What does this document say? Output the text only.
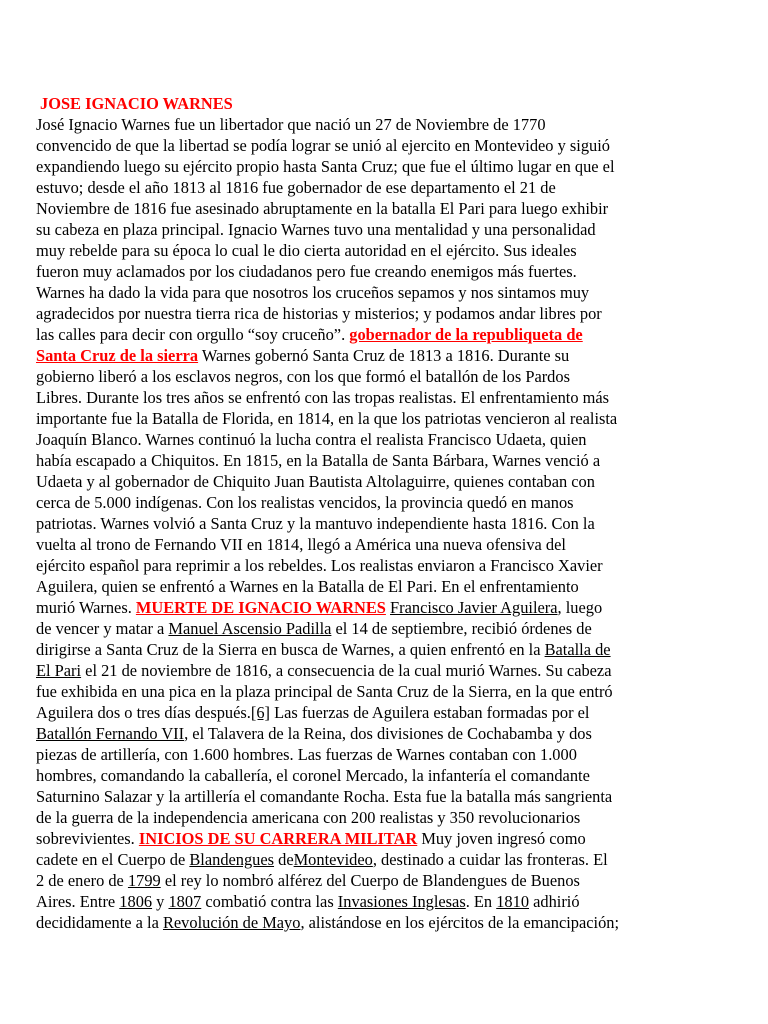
JOSE IGNACIO WARNES
José Ignacio Warnes fue un libertador que nació un 27 de Noviembre de 1770
convencido de que la libertad se podía lograr se unió al ejercito en Montevideo y siguió
expandiendo luego su ejército propio hasta Santa Cruz; que fue el último lugar en que el
estuvo; desde el año 1813 al 1816 fue gobernador de ese departamento el 21 de
Noviembre de 1816 fue asesinado abruptamente en la batalla El Pari para luego exhibir
su cabeza en plaza principal. Ignacio Warnes tuvo una mentalidad y una personalidad
muy rebelde para su época lo cual le dio cierta autoridad en el ejército. Sus ideales
fueron muy aclamados por los ciudadanos pero fue creando enemigos más fuertes.
Warnes ha dado la vida para que nosotros los cruceños sepamos y nos sintamos muy
agradecidos por nuestra tierra rica de historias y misterios; y podamos andar libres por
las calles para decir con orgullo “soy cruceño”. gobernador de la republiqueta de
Santa Cruz de la sierra Warnes gobernó Santa Cruz de 1813 a 1816. Durante su
gobierno liberó a los esclavos negros, con los que formó el batallón de los Pardos
Libres. Durante los tres años se enfrentó con las tropas realistas. El enfrentamiento más
importante fue la Batalla de Florida, en 1814, en la que los patriotas vencieron al realista
Joaquín Blanco. Warnes continuó la lucha contra el realista Francisco Udaeta, quien
había escapado a Chiquitos. En 1815, en la Batalla de Santa Bárbara, Warnes venció a
Udaeta y al gobernador de Chiquito Juan Bautista Altolaguirre, quienes contaban con
cerca de 5.000 indígenas. Con los realistas vencidos, la provincia quedó en manos
patriotas. Warnes volvió a Santa Cruz y la mantuvo independiente hasta 1816. Con la
vuelta al trono de Fernando VII en 1814, llegó a América una nueva ofensiva del
ejército español para reprimir a los rebeldes. Los realistas enviaron a Francisco Xavier
Aguilera, quien se enfrentó a Warnes en la Batalla de El Pari. En el enfrentamiento
murió Warnes. MUERTE DE IGNACIO WARNES Francisco Javier Aguilera, luego
de vencer y matar a Manuel Ascensio Padilla el 14 de septiembre, recibió órdenes de
dirigirse a Santa Cruz de la Sierra en busca de Warnes, a quien enfrentó en la Batalla de
El Pari el 21 de noviembre de 1816, a consecuencia de la cual murió Warnes. Su cabeza
fue exhibida en una pica en la plaza principal de Santa Cruz de la Sierra, en la que entró
Aguilera dos o tres días después.[6] Las fuerzas de Aguilera estaban formadas por el
Batallón Fernando VII, el Talavera de la Reina, dos divisiones de Cochabamba y dos
piezas de artillería, con 1.600 hombres. Las fuerzas de Warnes contaban con 1.000
hombres, comandando la caballería, el coronel Mercado, la infantería el comandante
Saturnino Salazar y la artillería el comandante Rocha. Esta fue la batalla más sangrienta
de la guerra de la independencia americana con 200 realistas y 350 revolucionarios
sobrevivientes. INICIOS DE SU CARRERA MILITAR Muy joven ingresó como
cadete en el Cuerpo de Blandengues deMontevideo, destinado a cuidar las fronteras. El
2 de enero de 1799 el rey lo nombró alférez del Cuerpo de Blandengues de Buenos
Aires. Entre 1806 y 1807 combatió contra las Invasiones Inglesas. En 1810 adhirió
decididamente a la Revolución de Mayo, alistándose en los ejércitos de la emancipación;
